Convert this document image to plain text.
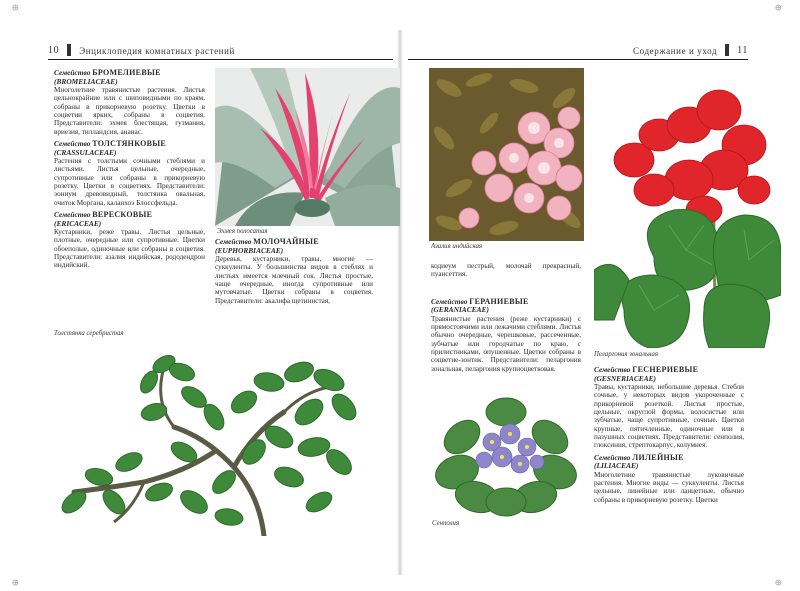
⊕	⊕
⊕	⊕
10 Энциклопедия комнатных растений	Содержание и уход 11
Семейство БРОМЕЛИЕВЫЕ
(BROMELIACEAE)
Многолетние травянистые растения. Листья цельнокрайние или с шиповидными по краям, собраны в прикорневую розетку. Цветки в соцветии ярких, собраны в соцветия. Представители: эхмея блестящая, гузмания, вриезия, тилландсия, ананас.
Семейство ТОЛСТЯНКОВЫЕ
(CRASSULACEAE)
Растения с толстыми сочными стеблями и листьями. Листья цельные, очередные, супротивные или собраны в прикорневую розетку. Цветки в соцветиях. Представители: эониум древовидный, толстянка овальная, очиток Моргана, каланхоэ Блоссфельда.
Семейство ВЕРЕСКОВЫЕ
(ERICACEAE)
Кустарники, реже травы. Листья цельные, плотные, очередные или супротивные. Цветки обоеполые, одиночные или собраны в соцветия. Представители: азалия индийская, рододендрон индийский.
Эхмея полосатая
Семейство МОЛОЧАЙНЫЕ
(EUPHORBIACEAE)
Деревья, кустарники, травы, многие — суккуленты. У большинства видов в стеблях и листьях имеется млечный сок. Листья простые, чаще очередные, иногда супротивные или мутовчатые. Цветки собраны в соцветия. Представители: акалифа щетинистая,
Толстянка серебристая
Азалия индийская
Пеларгония зональная
кодиеум пестрый, молочай прекрасный, пуансеттия.
Семейство ГЕРАНИЕВЫЕ
(GERANIACEAE)
Травянистые растения (реже кустарники) с прямостоячими или лежачими стеблями. Листья обычно очередные, черешковые, рассеченные, зубчатые или городчатые по краю, с прилистниками, опушенные. Цветки собраны в соцветие-зонтик. Представители: пеларгония зональная, пеларгония крупноцветковая.
Сенполия
Семейство ГЕСНЕРИЕВЫЕ
(GESNERIACEAE)
Травы, кустарники, небольшие деревья. Стебли сочные, у некоторых видов укороченные с прикорневой розеткой. Листья простые, цельные, округлой формы, волосистые или зубчатые, чаще супротивные, сочные. Цветки крупные, пятичленные, одиночные или в пазушных соцветиях. Представители: сенполия, глоксиния, стрептокарпус, колумнея.
Семейство ЛИЛЕЙНЫЕ
(LILIACEAE)
Многолетние травянистые луковичные растения. Многие виды — суккуленты. Листья цельные, линейные или ланцетные, обычно собраны в прикорневую розетку. Цветки
